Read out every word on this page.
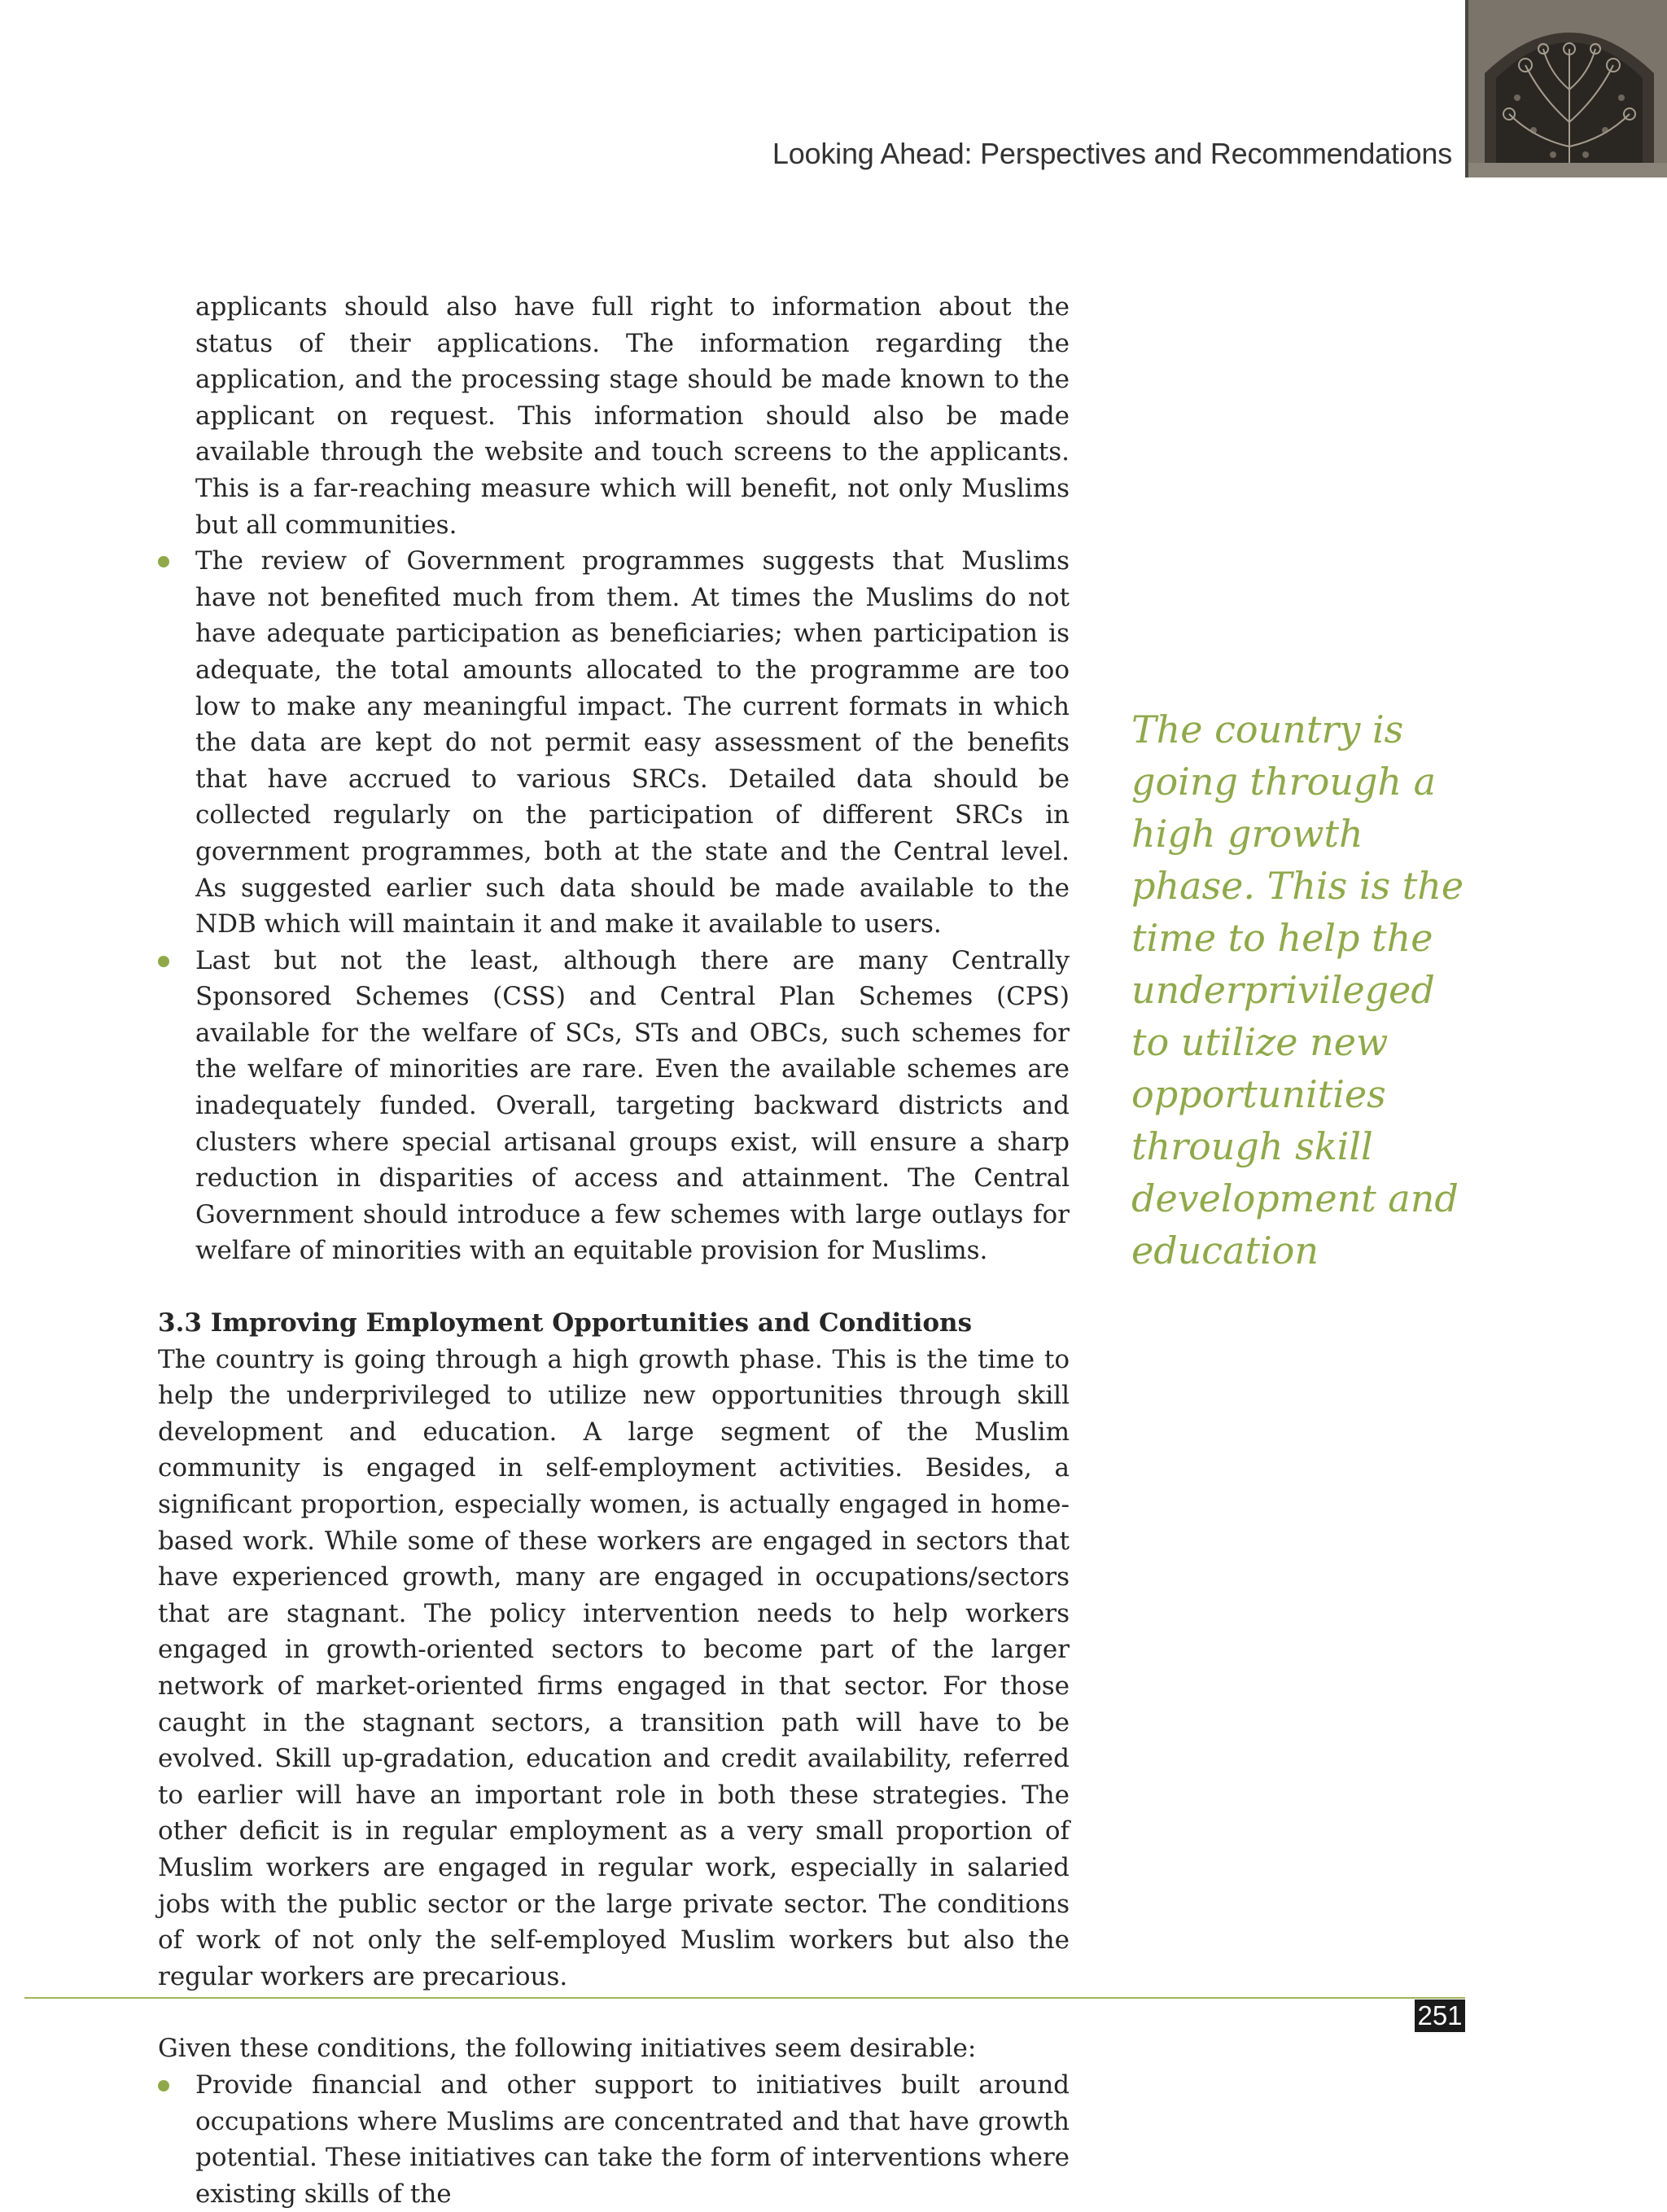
Looking Ahead: Perspectives and Recommendations

applicants should also have full right to information about the status of their applications. The information regarding the application, and the processing stage should be made known to the applicant on request. This information should also be made available through the website and touch screens to the applicants. This is a far-reaching measure which will benefit, not only Muslims but all communities.

The review of Government programmes suggests that Muslims have not benefited much from them. At times the Muslims do not have adequate participation as beneficiaries; when participation is adequate, the total amounts allocated to the programme are too low to make any meaningful impact. The current formats in which the data are kept do not permit easy assessment of the benefits that have accrued to various SRCs. Detailed data should be collected regularly on the participation of different SRCs in government programmes, both at the state and the Central level. As suggested earlier such data should be made available to the NDB which will maintain it and make it available to users.
Last but not the least, although there are many Centrally Sponsored Schemes (CSS) and Central Plan Schemes (CPS) available for the welfare of SCs, STs and OBCs, such schemes for the welfare of minorities are rare. Even the available schemes are inadequately funded. Overall, targeting backward districts and clusters where special artisanal groups exist, will ensure a sharp reduction in disparities of access and attainment. The Central Government should introduce a few schemes with large outlays for welfare of minorities with an equitable provision for Muslims.

3.3 Improving Employment Opportunities and Conditions

The country is going through a high growth phase. This is the time to help the underprivileged to utilize new opportunities through skill development and education. A large segment of the Muslim community is engaged in self-employment activities. Besides, a significant proportion, especially women, is actually engaged in home-based work. While some of these workers are engaged in sectors that have experienced growth, many are engaged in occupations/sectors that are stagnant. The policy intervention needs to help workers engaged in growth-oriented sectors to become part of the larger network of market-oriented firms engaged in that sector. For those caught in the stagnant sectors, a transition path will have to be evolved. Skill up-gradation, education and credit availability, referred to earlier will have an important role in both these strategies. The other deficit is in regular employment as a very small proportion of Muslim workers are engaged in regular work, especially in salaried jobs with the public sector or the large private sector. The conditions of work of not only the self-employed Muslim workers but also the regular workers are precarious.

Given these conditions, the following initiatives seem desirable:

Provide financial and other support to initiatives built around occupations where Muslims are concentrated and that have growth potential. These initiatives can take the form of interventions where existing skills of the
The country is going through a high growth phase. This is the time to help the underprivileged to utilize new opportunities through skill development and education
251
